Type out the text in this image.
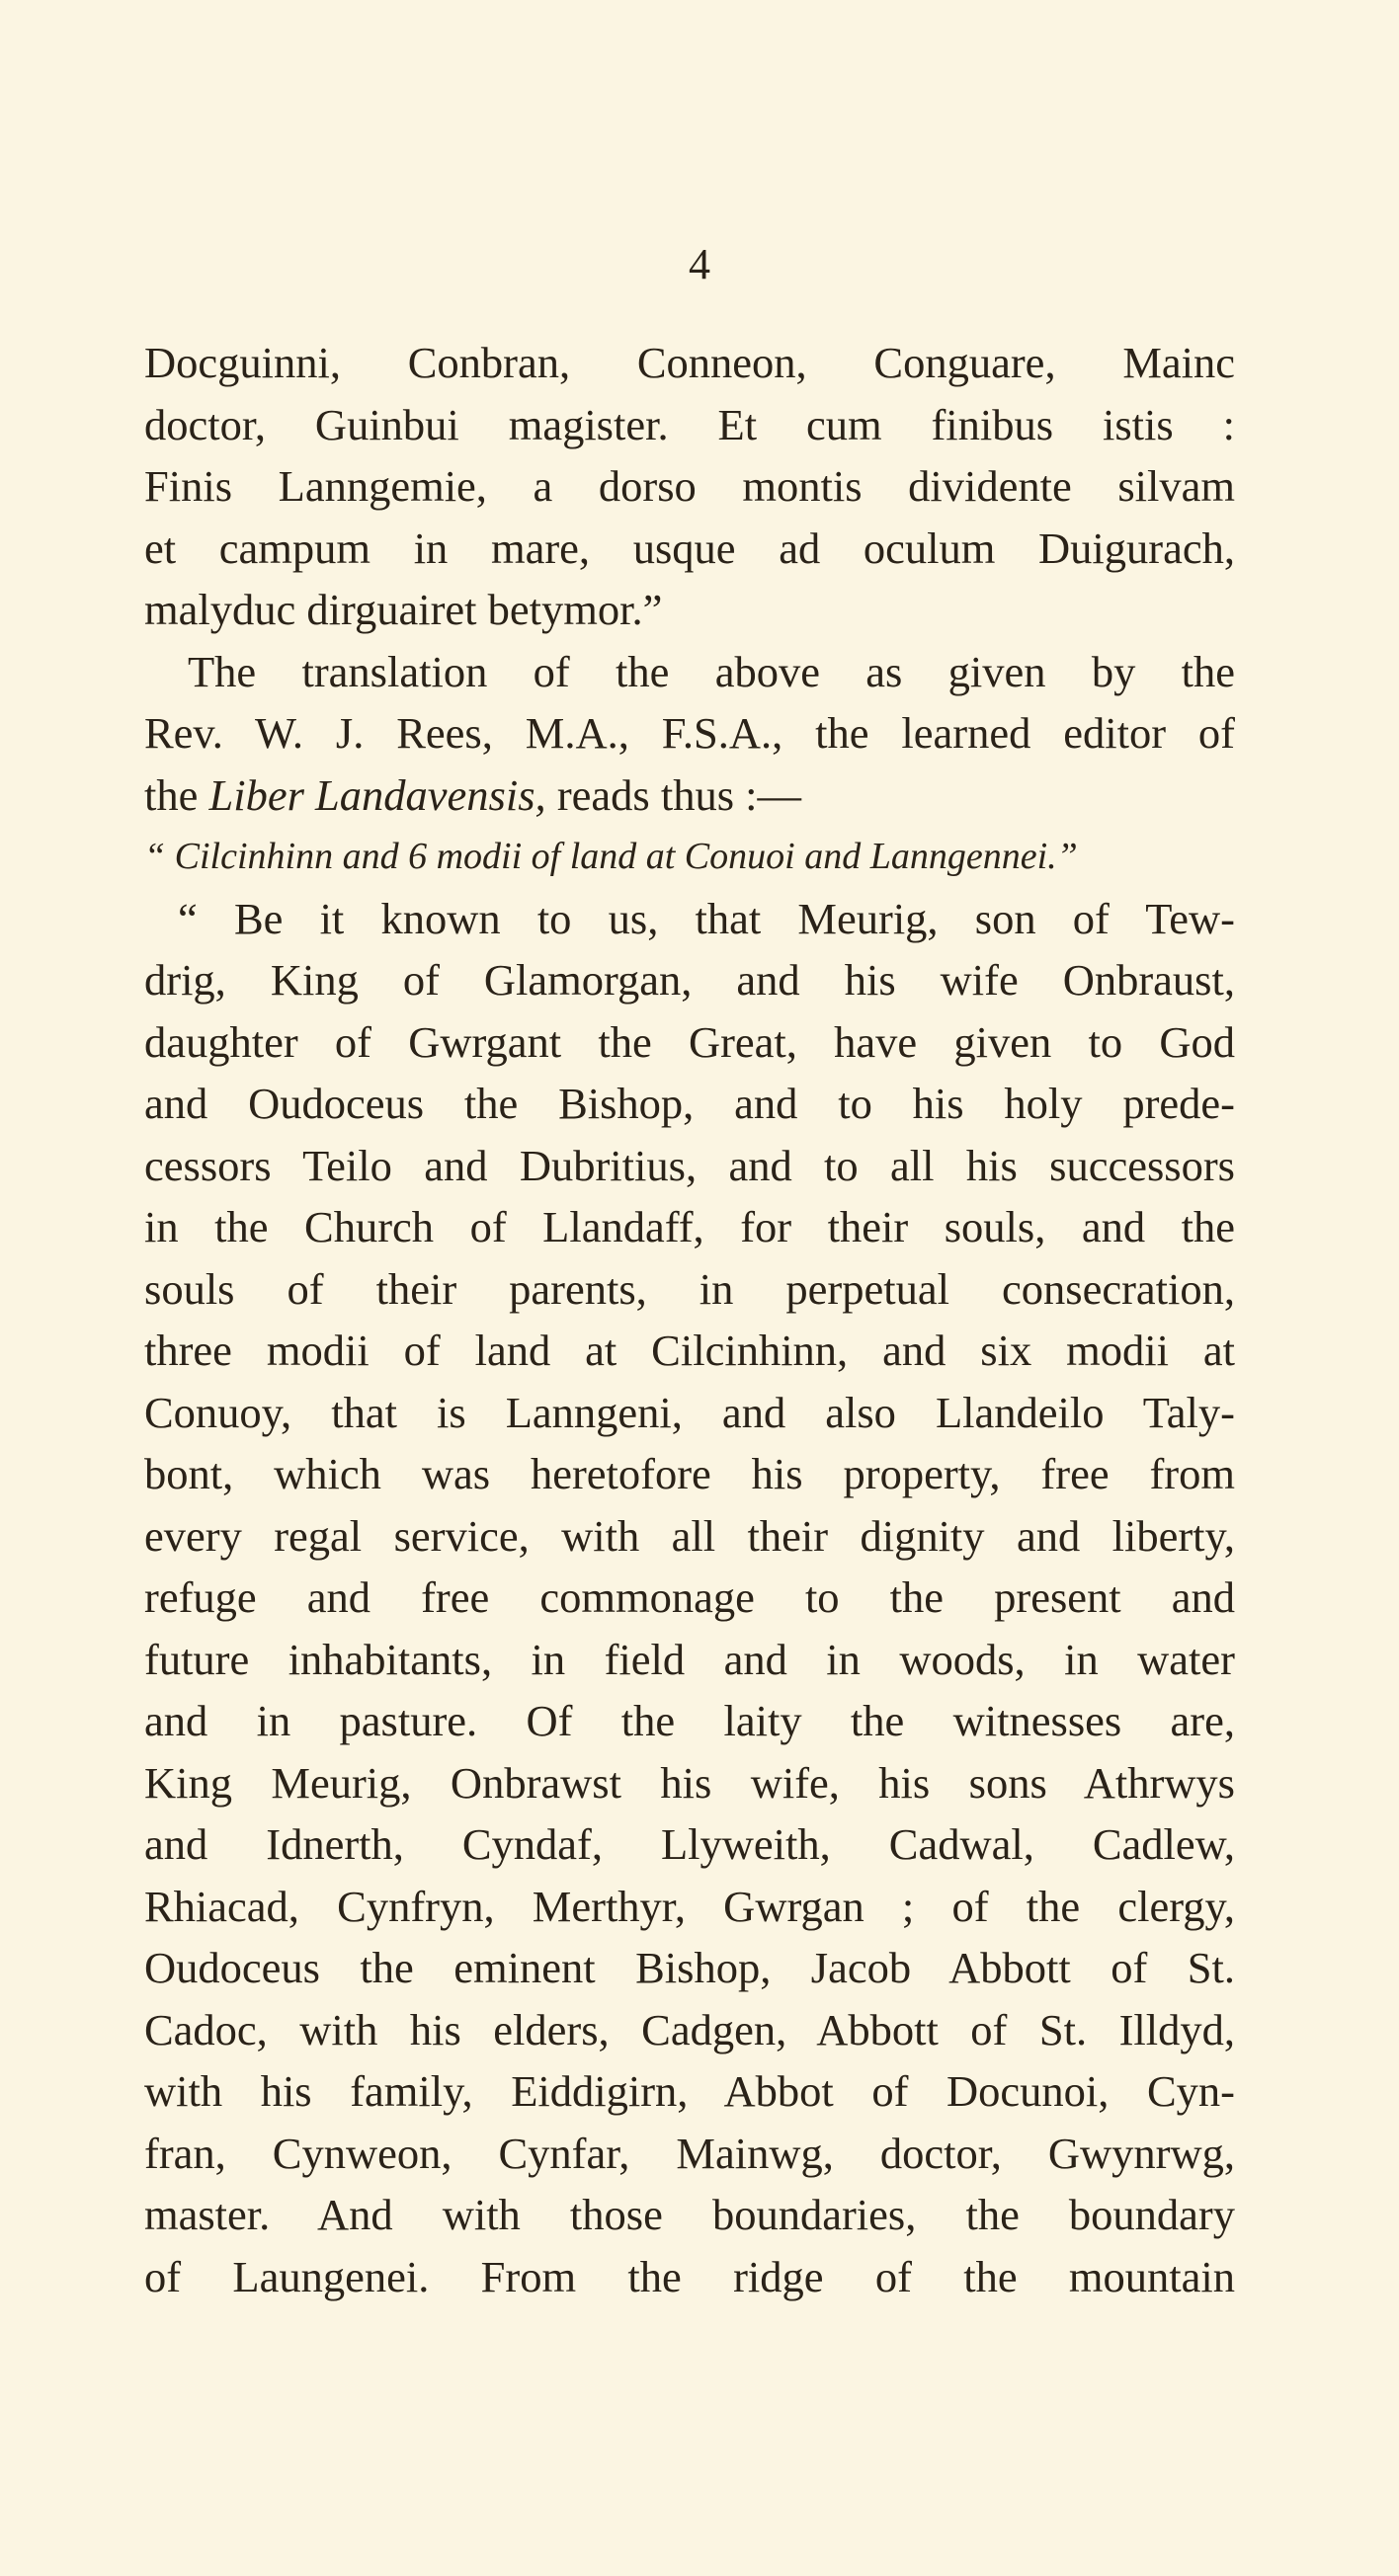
4
Docguinni, Conbran, Conneon, Conguare, Mainc
doctor, Guinbui magister. Et cum finibus istis :
Finis Lanngemie, a dorso montis dividente silvam
et campum in mare, usque ad oculum Duigurach,
malyduc dirguairet betymor.”
The translation of the above as given by the
Rev. W. J. Rees, M.A., F.S.A., the learned editor of
the Liber Landavensis, reads thus :—
“ Cilcinhinn and 6 modii of land at Conuoi and Lanngennei.”
“ Be it known to us, that Meurig, son of Tew-
drig, King of Glamorgan, and his wife Onbraust,
daughter of Gwrgant the Great, have given to God
and Oudoceus the Bishop, and to his holy prede-
cessors Teilo and Dubritius, and to all his successors
in the Church of Llandaff, for their souls, and the
souls of their parents, in perpetual consecration,
three modii of land at Cilcinhinn, and six modii at
Conuoy, that is Lanngeni, and also Llandeilo Taly-
bont, which was heretofore his property, free from
every regal service, with all their dignity and liberty,
refuge and free commonage to the present and
future inhabitants, in field and in woods, in water
and in pasture. Of the laity the witnesses are,
King Meurig, Onbrawst his wife, his sons Athrwys
and Idnerth, Cyndaf, Llyweith, Cadwal, Cadlew,
Rhiacad, Cynfryn, Merthyr, Gwrgan ; of the clergy,
Oudoceus the eminent Bishop, Jacob Abbott of St.
Cadoc, with his elders, Cadgen, Abbott of St. Illdyd,
with his family, Eiddigirn, Abbot of Docunoi, Cyn-
fran, Cynweon, Cynfar, Mainwg, doctor, Gwynrwg,
master. And with those boundaries, the boundary
of Laungenei. From the ridge of the mountain
